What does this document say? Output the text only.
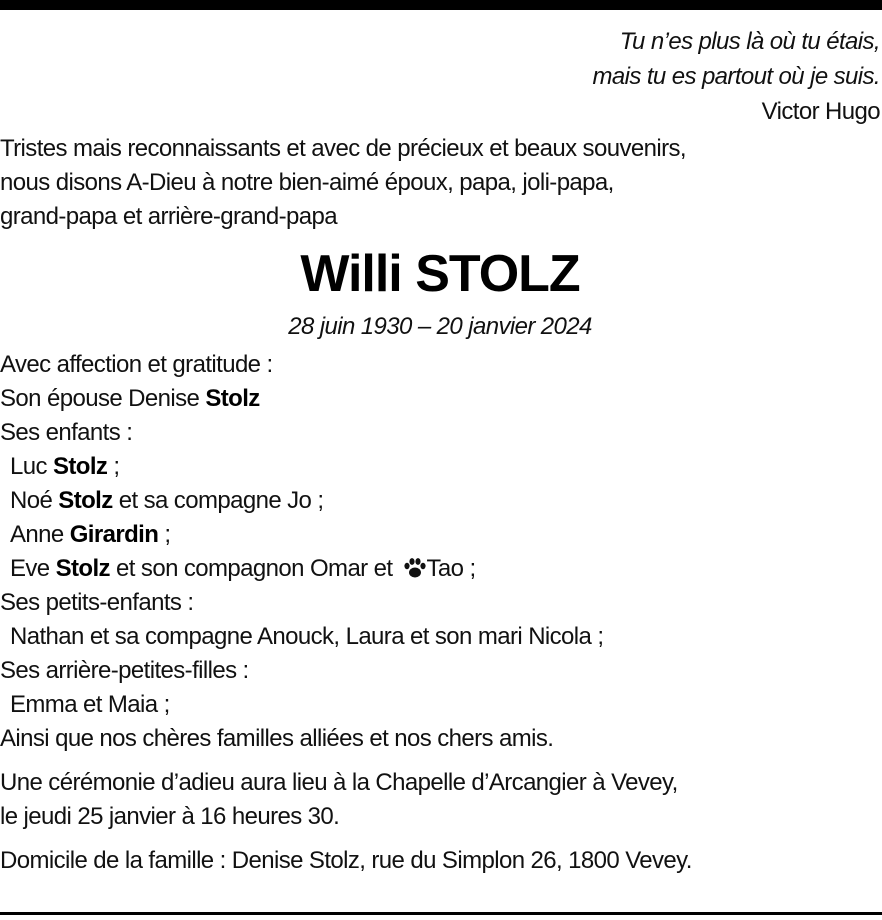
Tu n’es plus là où tu étais,
mais tu es partout où je suis.
Victor Hugo
Tristes mais reconnaissants et avec de précieux et beaux souvenirs,
nous disons A-Dieu à notre bien-aimé époux, papa, joli-papa,
grand-papa et arrière-grand-papa
Willi STOLZ
28 juin 1930 – 20 janvier 2024
Avec affection et gratitude :
Son épouse Denise Stolz
Ses enfants :
Luc Stolz ;
Noé Stolz et sa compagne Jo ;
Anne Girardin ;
Eve Stolz et son compagnon Omar et Tao ;
Ses petits-enfants :
Nathan et sa compagne Anouck, Laura et son mari Nicola ;
Ses arrière-petites-filles :
Emma et Maia ;
Ainsi que nos chères familles alliées et nos chers amis.
Une cérémonie d’adieu aura lieu à la Chapelle d’Arcangier à Vevey,
le jeudi 25 janvier à 16 heures 30.
Domicile de la famille : Denise Stolz, rue du Simplon 26, 1800 Vevey.
